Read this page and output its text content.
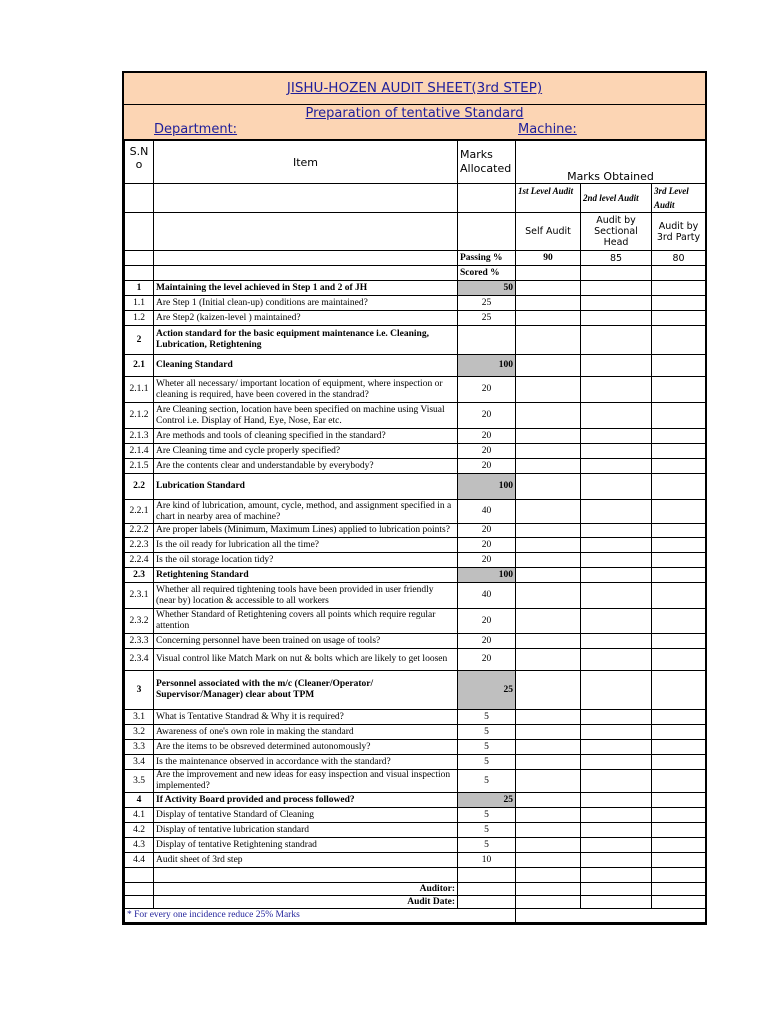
JISHU-HOZEN AUDIT SHEET(3rd STEP)
Preparation of tentative Standard
Department:	Machine:
S.N o	Item	Marks Allocated	Marks Obtained		
			1st Level Audit	2nd level Audit	3rd Level Audit
			Self Audit	Audit by Sectional Head	Audit by 3rd Party
		Passing %	90	85	80
		Scored %			
1	Maintaining the level achieved in Step 1 and 2 of JH	50			
1.1	Are Step 1 (Initial clean-up) conditions are maintained?	25			
1.2	Are Step2 (kaizen-level ) maintained?	25			
2	Action standard for the basic equipment maintenance i.e. Cleaning, Lubrication, Retightening				
2.1	Cleaning Standard	100			
2.1.1	Wheter all necessary/ important location of equipment, where inspection or cleaning is required, have been covered in the standrad?	20			
2.1.2	Are Cleaning section, location have been specified on machine using Visual Control i.e. Display of Hand, Eye, Nose, Ear etc.	20			
2.1.3	Are methods and tools of cleaning specified in the standard?	20			
2.1.4	Are Cleaning time and cycle properly specified?	20			
2.1.5	Are the contents clear and understandable by everybody?	20			
2.2	Lubrication Standard	100			
2.2.1	Are kind of lubrication, amount, cycle, method, and assignment specified in a chart in nearby area of machine?	40			
2.2.2	Are proper labels (Minimum, Maximum Lines) applied to lubrication points?	20			
2.2.3	Is the oil ready for lubrication all the time?	20			
2.2.4	Is the oil storage location tidy?	20			
2.3	Retightening Standard	100			
2.3.1	Whether all required tightening tools have been provided in user friendly (near by) location & accessible to all workers	40			
2.3.2	Whether Standard of Retightening covers all points which require regular attention	20			
2.3.3	Concerning personnel have been trained on usage of tools?	20			
2.3.4	Visual control like Match Mark on nut & bolts which are likely to get loosen	20			
3	Personnel associated with the m/c (Cleaner/Operator/ Supervisor/Manager) clear about TPM	25			
3.1	What is Tentative Standrad & Why it is required?	5			
3.2	Awareness of one's own role in making the standard	5			
3.3	Are the items to be obsreved determined autonomously?	5			
3.4	Is the maintenance observed in accordance with the standard?	5			
3.5	Are the improvement and new ideas for easy inspection and visual inspection implemented?	5			
4	If Activity Board provided and process followed?	25			
4.1	Display of tentative Standard of Cleaning	5			
4.2	Display of tentative lubrication standard	5			
4.3	Display of tentative Retightening standrad	5			
4.4	Audit sheet of 3rd step	10			

	Auditor:				
	Audit Date:				
* For every one incidence reduce 25% Marks					
